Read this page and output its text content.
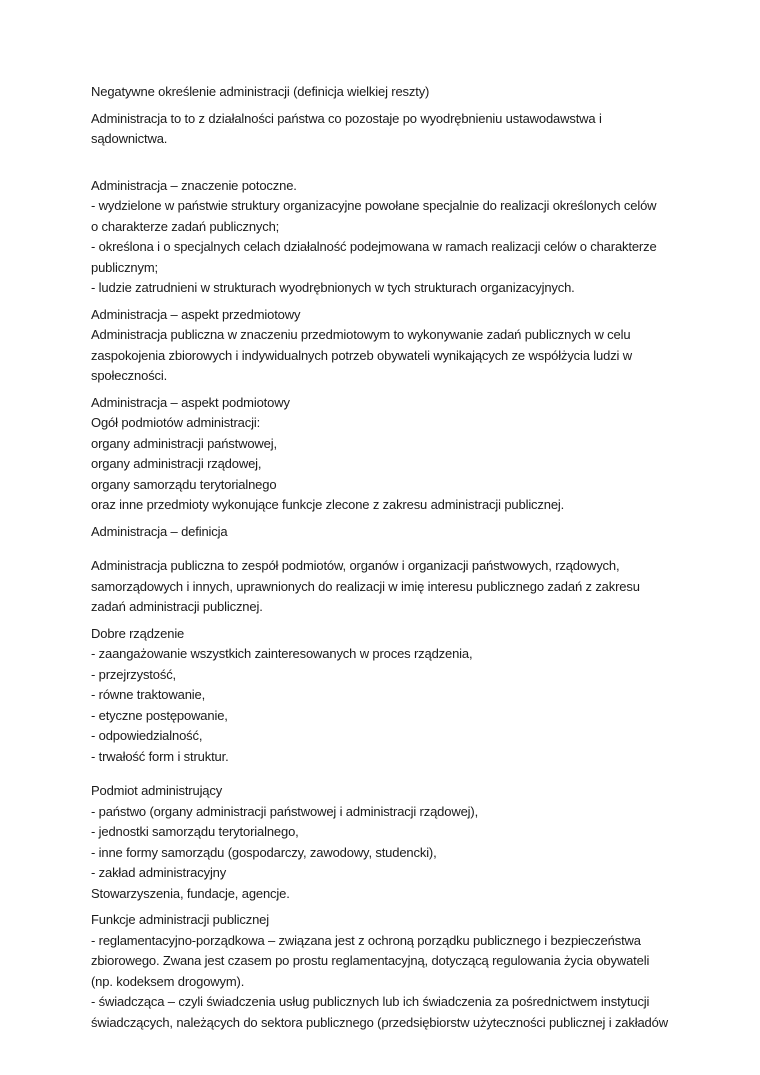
Negatywne określenie administracji (definicja wielkiej reszty)
Administracja to to z działalności państwa co pozostaje po wyodrębnieniu ustawodawstwa i
sądownictwa.
Administracja – znaczenie potoczne.
- wydzielone w państwie struktury organizacyjne powołane specjalnie do realizacji określonych celów
o charakterze zadań publicznych;
- określona i o specjalnych celach działalność podejmowana w ramach realizacji celów o charakterze
publicznym;
- ludzie zatrudnieni w strukturach wyodrębnionych w tych strukturach organizacyjnych.
Administracja – aspekt przedmiotowy
Administracja publiczna w znaczeniu przedmiotowym to wykonywanie zadań publicznych w celu
zaspokojenia zbiorowych i indywidualnych potrzeb obywateli wynikających ze współżycia ludzi w
społeczności.
Administracja – aspekt podmiotowy
Ogół podmiotów administracji:
organy administracji państwowej,
organy administracji rządowej,
organy samorządu terytorialnego
oraz inne przedmioty wykonujące funkcje zlecone z zakresu administracji publicznej.
Administracja – definicja
Administracja publiczna to zespół podmiotów, organów i organizacji państwowych, rządowych,
samorządowych i innych, uprawnionych do realizacji w imię interesu publicznego zadań z zakresu
zadań administracji publicznej.
Dobre rządzenie
- zaangażowanie wszystkich zainteresowanych w proces rządzenia,
- przejrzystość,
- równe traktowanie,
- etyczne postępowanie,
- odpowiedzialność,
- trwałość form i struktur.
Podmiot administrujący
- państwo (organy administracji państwowej i administracji rządowej),
- jednostki samorządu terytorialnego,
- inne formy samorządu (gospodarczy, zawodowy, studencki),
- zakład administracyjny
Stowarzyszenia, fundacje, agencje.
Funkcje administracji publicznej
- reglamentacyjno-porządkowa – związana jest z ochroną porządku publicznego i bezpieczeństwa
zbiorowego. Zwana jest czasem po prostu reglamentacyjną, dotyczącą regulowania życia obywateli
(np. kodeksem drogowym).
- świadcząca – czyli świadczenia usług publicznych lub ich świadczenia za pośrednictwem instytucji
świadczących, należących do sektora publicznego (przedsiębiorstw użyteczności publicznej i zakładów
